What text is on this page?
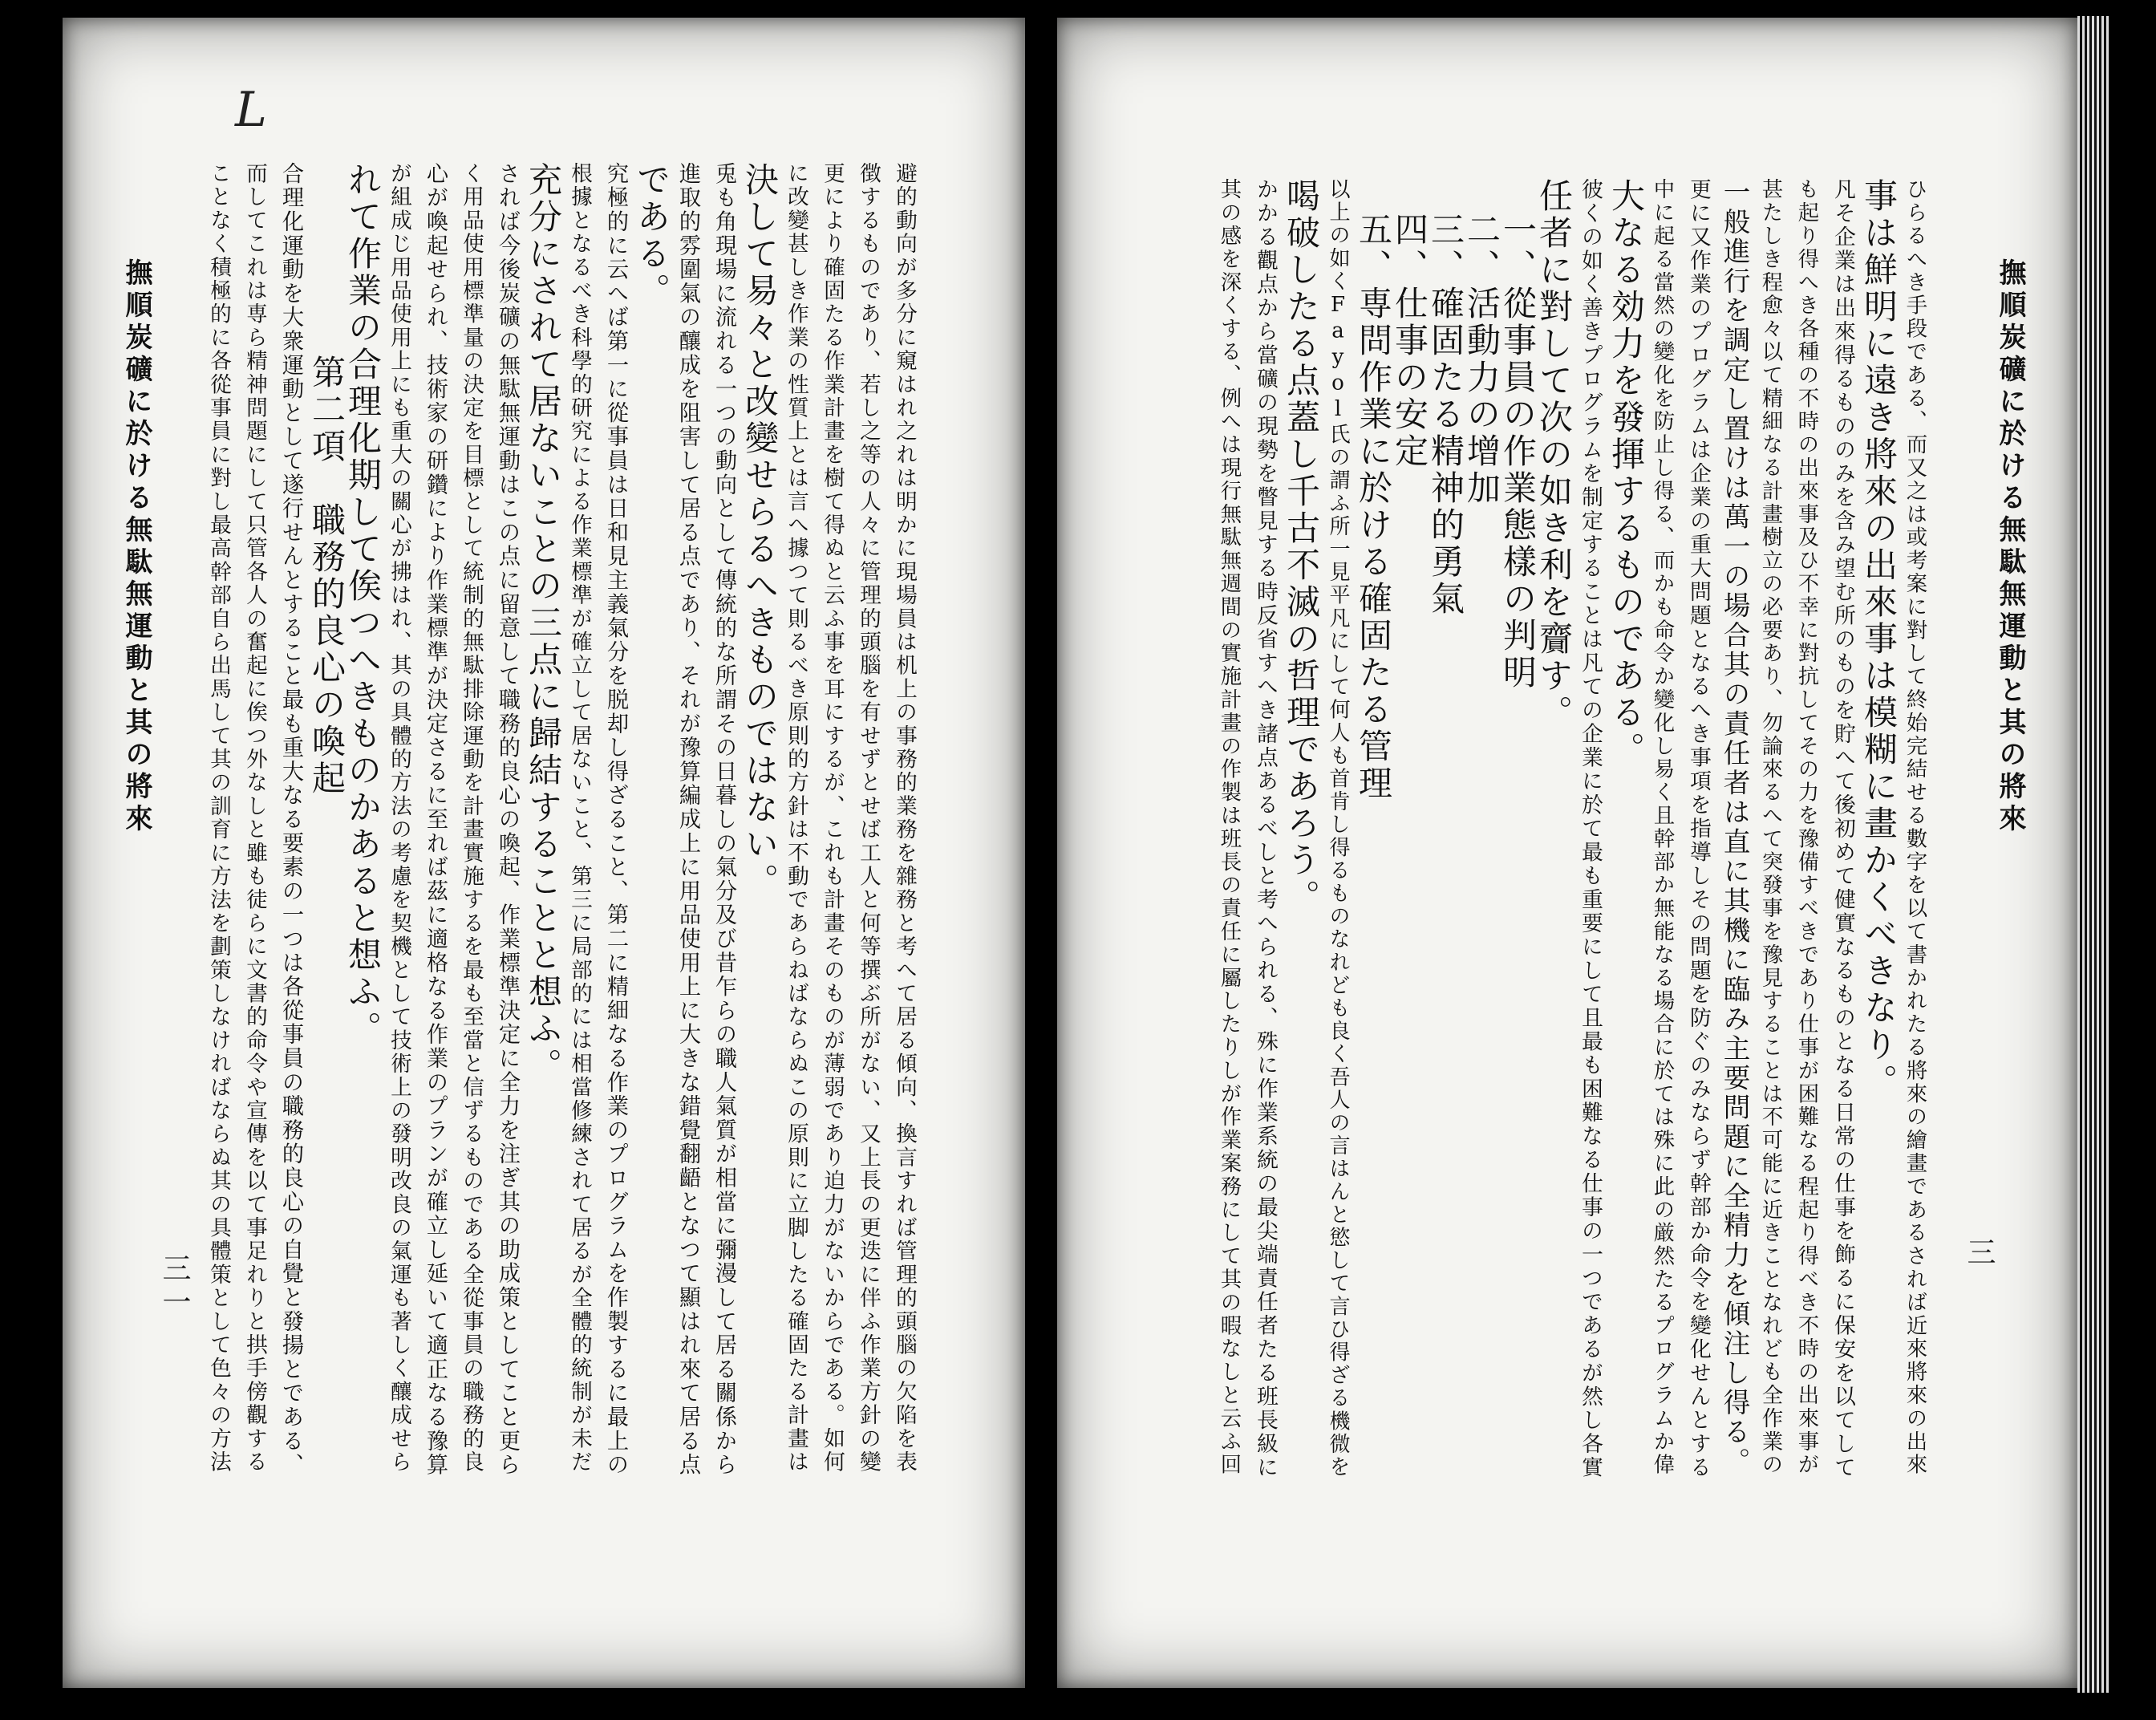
L
避的動向が多分に窺はれ之れは明かに現場員は机上の事務的業務を雜務と考へて居る傾向、換言すれば管理的頭腦の欠陷を表
徴するものであり、若し之等の人々に管理的頭腦を有せずとせば工人と何等撰ぶ所がない、又上長の更迭に伴ふ作業方針の變
更により確固たる作業計畫を樹て得ぬと云ふ事を耳にするが、これも計畫そのものが薄弱であり迫力がないからである。如何
に改變甚しき作業の性質上とは言へ據つて則るべき原則的方針は不動であらねばならぬこの原則に立脚したる確固たる計畫は
決して易々と改變せらるへきものではない。
兎も角現場に流れる一つの動向として傳統的な所謂その日暮しの氣分及び昔乍らの職人氣質が相當に彌漫して居る關係から
進取的雰圍氣の釀成を阻害して居る点であり、それが豫算編成上に用品使用上に大きな錯覺翻齬となつて顯はれ來て居る点
である。
究極的に云へば第一に從事員は日和見主義氣分を脱却し得ざること、第二に精細なる作業のプログラムを作製するに最上の
根據となるべき科學的研究による作業標準が確立して居ないこと、第三に局部的には相當修練されて居るが全體的統制が未だ
充分にされて居ないことの三点に歸結することと想ふ。
されば今後炭礦の無駄無運動はこの点に留意して職務的良心の喚起、作業標準決定に全力を注ぎ其の助成策としてこと更ら
く用品使用標準量の決定を目標として統制的無駄排除運動を計畫實施するを最も至當と信ずるものである全從事員の職務的良
心が喚起せられ、技術家の研鑽により作業標準が決定さるに至れば茲に適格なる作業のプランが確立し延いて適正なる豫算
が組成じ用品使用上にも重大の關心が拂はれ、其の具體的方法の考慮を契機として技術上の發明改良の氣運も著しく釀成せら
れて作業の合理化期して俟つへきものかあると想ふ。
第二項　職務的良心の喚起
合理化運動を大衆運動として遂行せんとすること最も重大なる要素の一つは各從事員の職務的良心の自覺と發揚とである、
而してこれは専ら精神問題にして只管各人の奮起に俟つ外なしと雖も徒らに文書的命令や宣傳を以て事足れりと拱手傍觀する
ことなく積極的に各從事員に對し最高幹部自ら出馬して其の訓育に方法を劃策しなければならぬ其の具體策として色々の方法
撫順炭礦に於ける無駄無運動と其の將來
三一	ひらるへき手段である、而又之は或考案に對して終始完結せる數字を以て書かれたる將來の繪畫であるされば近來將來の出來
事は鮮明に遠き將來の出來事は模糊に畫かくべきなり。
凡そ企業は出來得るもののみを含み望む所のものを貯へて後初めて健實なるものとなる日常の仕事を飾るに保安を以てして
も起り得へき各種の不時の出來事及ひ不幸に對抗してその力を豫備すべきであり仕事が困難なる程起り得べき不時の出來事が
甚たしき程愈々以て精細なる計畫樹立の必要あり、勿論來るへて突發事を豫見することは不可能に近きことなれども全作業の
一般進行を調定し置けは萬一の場合其の責任者は直に其機に臨み主要問題に全精力を傾注し得る。
更に又作業のプログラムは企業の重大問題となるへき事項を指導しその問題を防ぐのみならず幹部か命令を變化せんとする
中に起る當然の變化を防止し得る、而かも命令か變化し易く且幹部か無能なる場合に於ては殊に此の厳然たるプログラムか偉
大なる効力を發揮するものである。
彼くの如く善きプログラムを制定することは凡ての企業に於て最も重要にして且最も困難なる仕事の一つであるが然し各實
任者に對して次の如き利を齎す。
一、從事員の作業態樣の判明
二、活動力の增加
三、確固たる精神的勇氣
四、仕事の安定
五、専問作業に於ける確固たる管理
以上の如くFayol氏の謂ふ所一見平凡にして何人も首肯し得るものなれども良く吾人の言はんと慾して言ひ得ざる機微を
喝破したる点蓋し千古不滅の哲理であろう。
かかる觀点から當礦の現勢を瞥見する時反省すへき諸点あるべしと考へられる、殊に作業系統の最尖端責任者たる班長級に
其の感を深くする、例へは現行無駄無週間の實施計畫の作製は班長の責任に屬したりしが作業案務にして其の暇なしと云ふ回	撫順炭礦に於ける無駄無運動と其の將來
三
